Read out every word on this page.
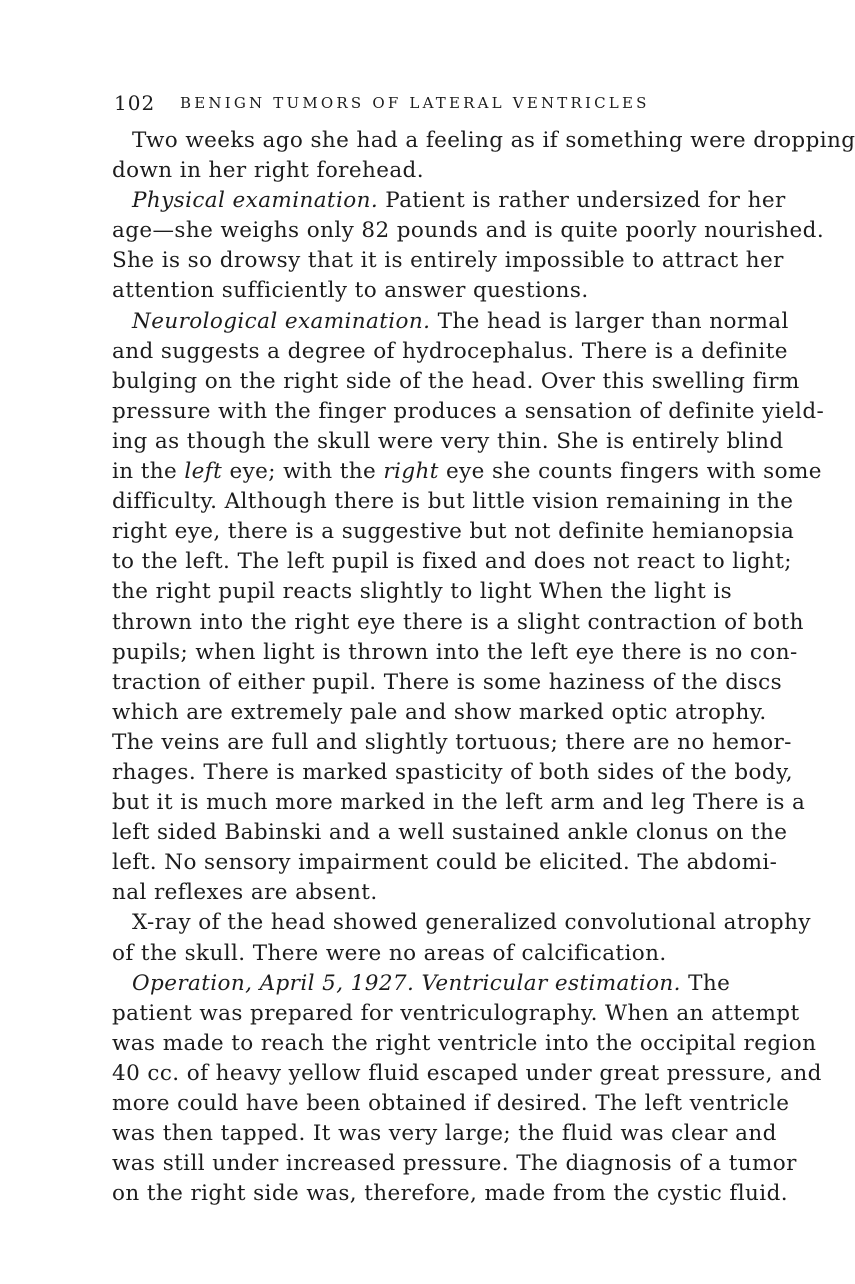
102 BENIGN TUMORS OF LATERAL VENTRICLES
Two weeks ago she had a feeling as if something were dropping
down in her right forehead.
Physical examination. Patient is rather undersized for her
age—she weighs only 82 pounds and is quite poorly nourished.
She is so drowsy that it is entirely impossible to attract her
attention sufficiently to answer questions.
Neurological examination. The head is larger than normal
and suggests a degree of hydrocephalus. There is a definite
bulging on the right side of the head. Over this swelling firm
pressure with the finger produces a sensation of definite yield-
ing as though the skull were very thin. She is entirely blind
in the left eye; with the right eye she counts fingers with some
difficulty. Although there is but little vision remaining in the
right eye, there is a suggestive but not definite hemianopsia
to the left. The left pupil is fixed and does not react to light;
the right pupil reacts slightly to light When the light is
thrown into the right eye there is a slight contraction of both
pupils; when light is thrown into the left eye there is no con-
traction of either pupil. There is some haziness of the discs
which are extremely pale and show marked optic atrophy.
The veins are full and slightly tortuous; there are no hemor-
rhages. There is marked spasticity of both sides of the body,
but it is much more marked in the left arm and leg There is a
left sided Babinski and a well sustained ankle clonus on the
left. No sensory impairment could be elicited. The abdomi-
nal reflexes are absent.
X-ray of the head showed generalized convolutional atrophy
of the skull. There were no areas of calcification.
Operation, April 5, 1927. Ventricular estimation. The
patient was prepared for ventriculography. When an attempt
was made to reach the right ventricle into the occipital region
40 cc. of heavy yellow fluid escaped under great pressure, and
more could have been obtained if desired. The left ventricle
was then tapped. It was very large; the fluid was clear and
was still under increased pressure. The diagnosis of a tumor
on the right side was, therefore, made from the cystic fluid.
